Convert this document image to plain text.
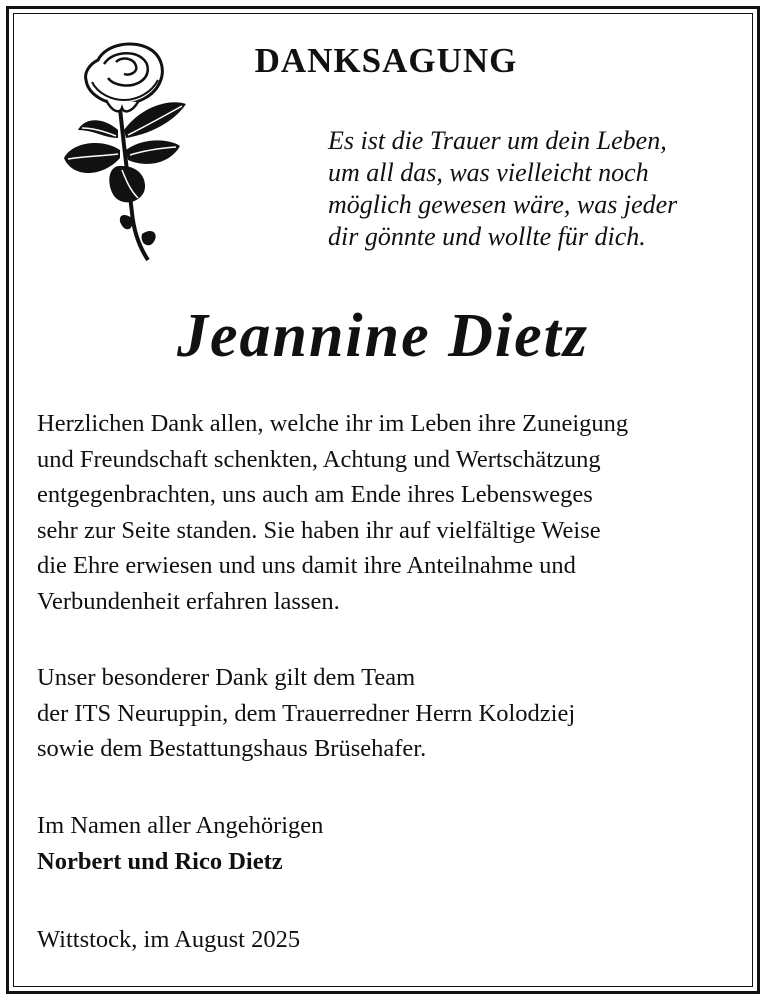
DANKSAGUNG
Es ist die Trauer um dein Leben,
um all das, was vielleicht noch
möglich gewesen wäre, was jeder
dir gönnte und wollte für dich.
Jeannine Dietz
Herzlichen Dank allen, welche ihr im Leben ihre Zuneigung
und Freundschaft schenkten, Achtung und Wertschätzung
entgegenbrachten, uns auch am Ende ihres Lebensweges
sehr zur Seite standen. Sie haben ihr auf vielfältige Weise
die Ehre erwiesen und uns damit ihre Anteilnahme und
Verbundenheit erfahren lassen.
Unser besonderer Dank gilt dem Team
der ITS Neuruppin, dem Trauerredner Herrn Kolodziej
sowie dem Bestattungshaus Brüsehafer.
Im Namen aller Angehörigen
Norbert und Rico Dietz
Wittstock, im August 2025
